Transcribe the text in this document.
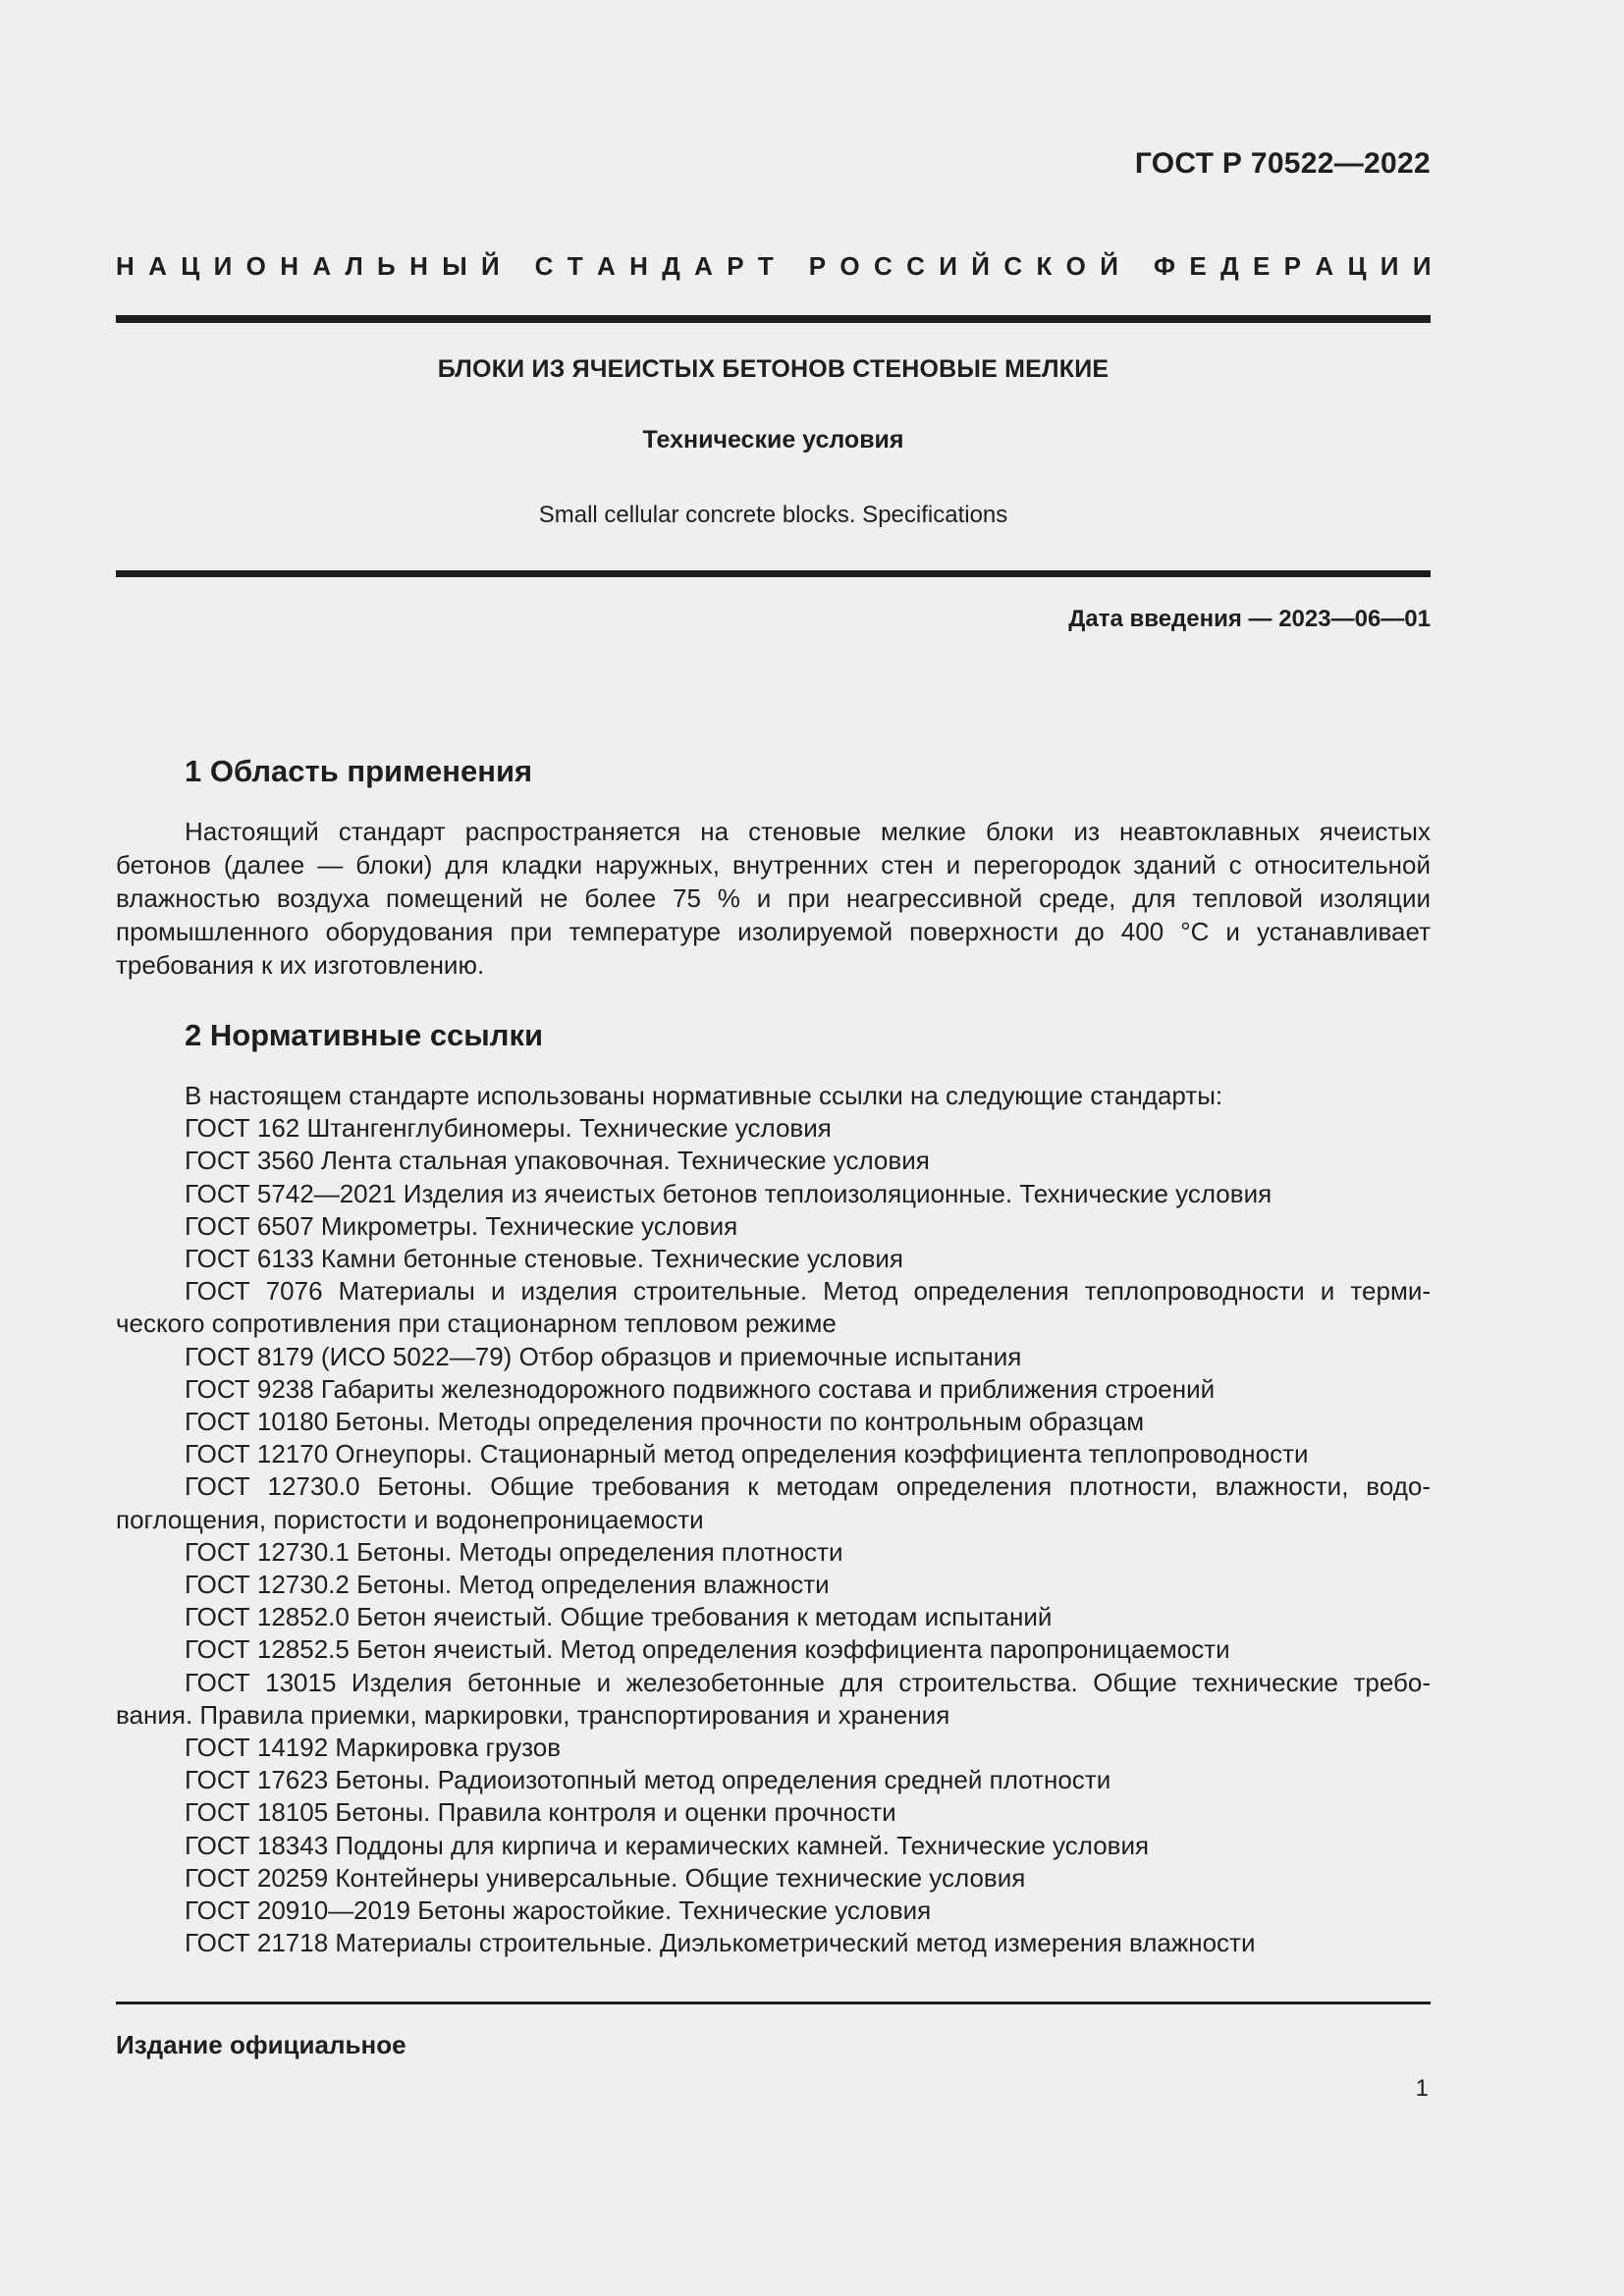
ГОСТ Р 70522—2022
Н А Ц И О Н А Л Ь Н Ы Й
С Т А Н Д А Р Т
Р О С С И Й С К О Й
Ф Е Д Е Р А Ц И И
БЛОКИ ИЗ ЯЧЕИСТЫХ БЕТОНОВ СТЕНОВЫЕ МЕЛКИЕ
Технические условия
Small cellular concrete blocks. Specifications
Дата введения — 2023—06—01
1 Область применения
Настоящий стандарт распространяется на стеновые мелкие блоки из неавтоклавных ячеистых
бетонов (далее — блоки) для кладки наружных, внутренних стен и перегородок зданий с относительной
влажностью воздуха помещений не более 75 % и при неагрессивной среде, для тепловой изоляции
промышленного оборудования при температуре изолируемой поверхности до 400 °С и устанавливает
требования к их изготовлению.
2 Нормативные ссылки
В настоящем стандарте использованы нормативные ссылки на следующие стандарты:
ГОСТ 162 Штангенглубиномеры. Технические условия
ГОСТ 3560 Лента стальная упаковочная. Технические условия
ГОСТ 5742—2021 Изделия из ячеистых бетонов теплоизоляционные. Технические условия
ГОСТ 6507 Микрометры. Технические условия
ГОСТ 6133 Камни бетонные стеновые. Технические условия
ГОСТ 7076 Материалы и изделия строительные. Метод определения теплопроводности и терми-
ческого сопротивления при стационарном тепловом режиме
ГОСТ 8179 (ИСО 5022—79) Отбор образцов и приемочные испытания
ГОСТ 9238 Габариты железнодорожного подвижного состава и приближения строений
ГОСТ 10180 Бетоны. Методы определения прочности по контрольным образцам
ГОСТ 12170 Огнеупоры. Стационарный метод определения коэффициента теплопроводности
ГОСТ 12730.0 Бетоны. Общие требования к методам определения плотности, влажности, водо-
поглощения, пористости и водонепроницаемости
ГОСТ 12730.1 Бетоны. Методы определения плотности
ГОСТ 12730.2 Бетоны. Метод определения влажности
ГОСТ 12852.0 Бетон ячеистый. Общие требования к методам испытаний
ГОСТ 12852.5 Бетон ячеистый. Метод определения коэффициента паропроницаемости
ГОСТ 13015 Изделия бетонные и железобетонные для строительства. Общие технические требо-
вания. Правила приемки, маркировки, транспортирования и хранения
ГОСТ 14192 Маркировка грузов
ГОСТ 17623 Бетоны. Радиоизотопный метод определения средней плотности
ГОСТ 18105 Бетоны. Правила контроля и оценки прочности
ГОСТ 18343 Поддоны для кирпича и керамических камней. Технические условия
ГОСТ 20259 Контейнеры универсальные. Общие технические условия
ГОСТ 20910—2019 Бетоны жаростойкие. Технические условия
ГОСТ 21718 Материалы строительные. Диэлькометрический метод измерения влажности
Издание официальное
1
